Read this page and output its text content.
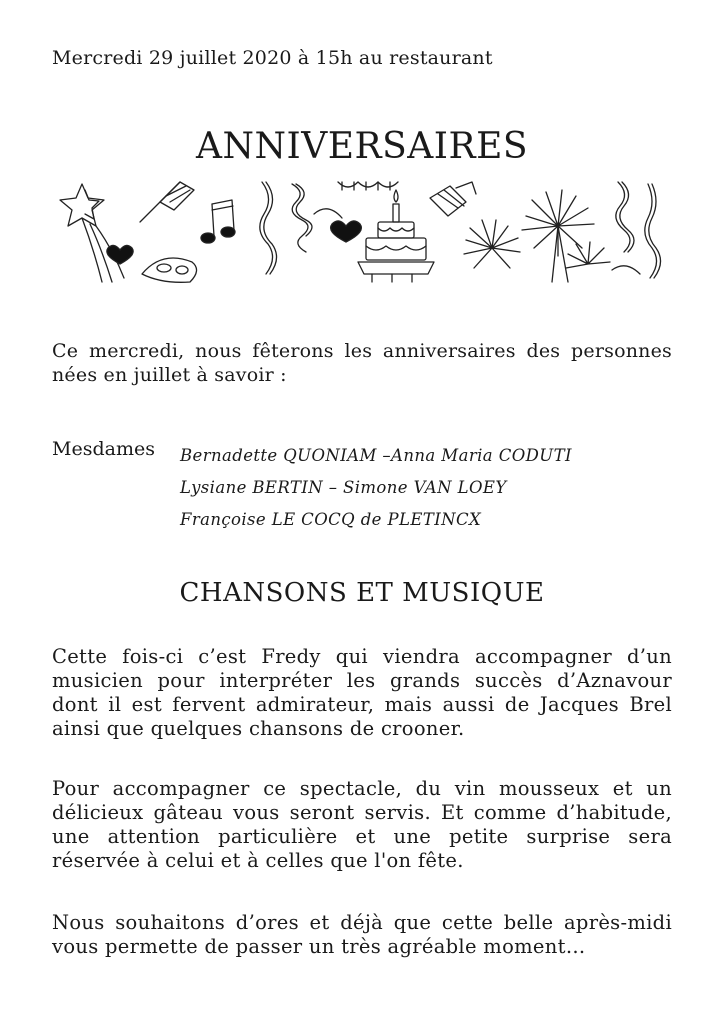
Mercredi 29 juillet 2020 à 15h au restaurant
ANNIVERSAIRES
Ce mercredi, nous fêterons les anniversaires des personnes nées en juillet à savoir :
Mesdames Bernadette QUONIAM –Anna Maria CODUTI
Lysiane BERTIN – Simone VAN LOEY
Françoise LE COCQ de PLETINCX
CHANSONS ET MUSIQUE

Cette fois-ci c’est Fredy qui viendra accompagner d’un musicien pour interpréter les grands succès d’Aznavour dont il est fervent admirateur, mais aussi de Jacques Brel ainsi que quelques chansons de crooner.

Pour accompagner ce spectacle, du vin mousseux et un délicieux gâteau vous seront servis. Et comme d’habitude, une attention particulière et une petite surprise sera réservée à celui et à celles que l'on fête.

Nous souhaitons d’ores et déjà que cette belle après-midi vous permette de passer un très agréable moment…
